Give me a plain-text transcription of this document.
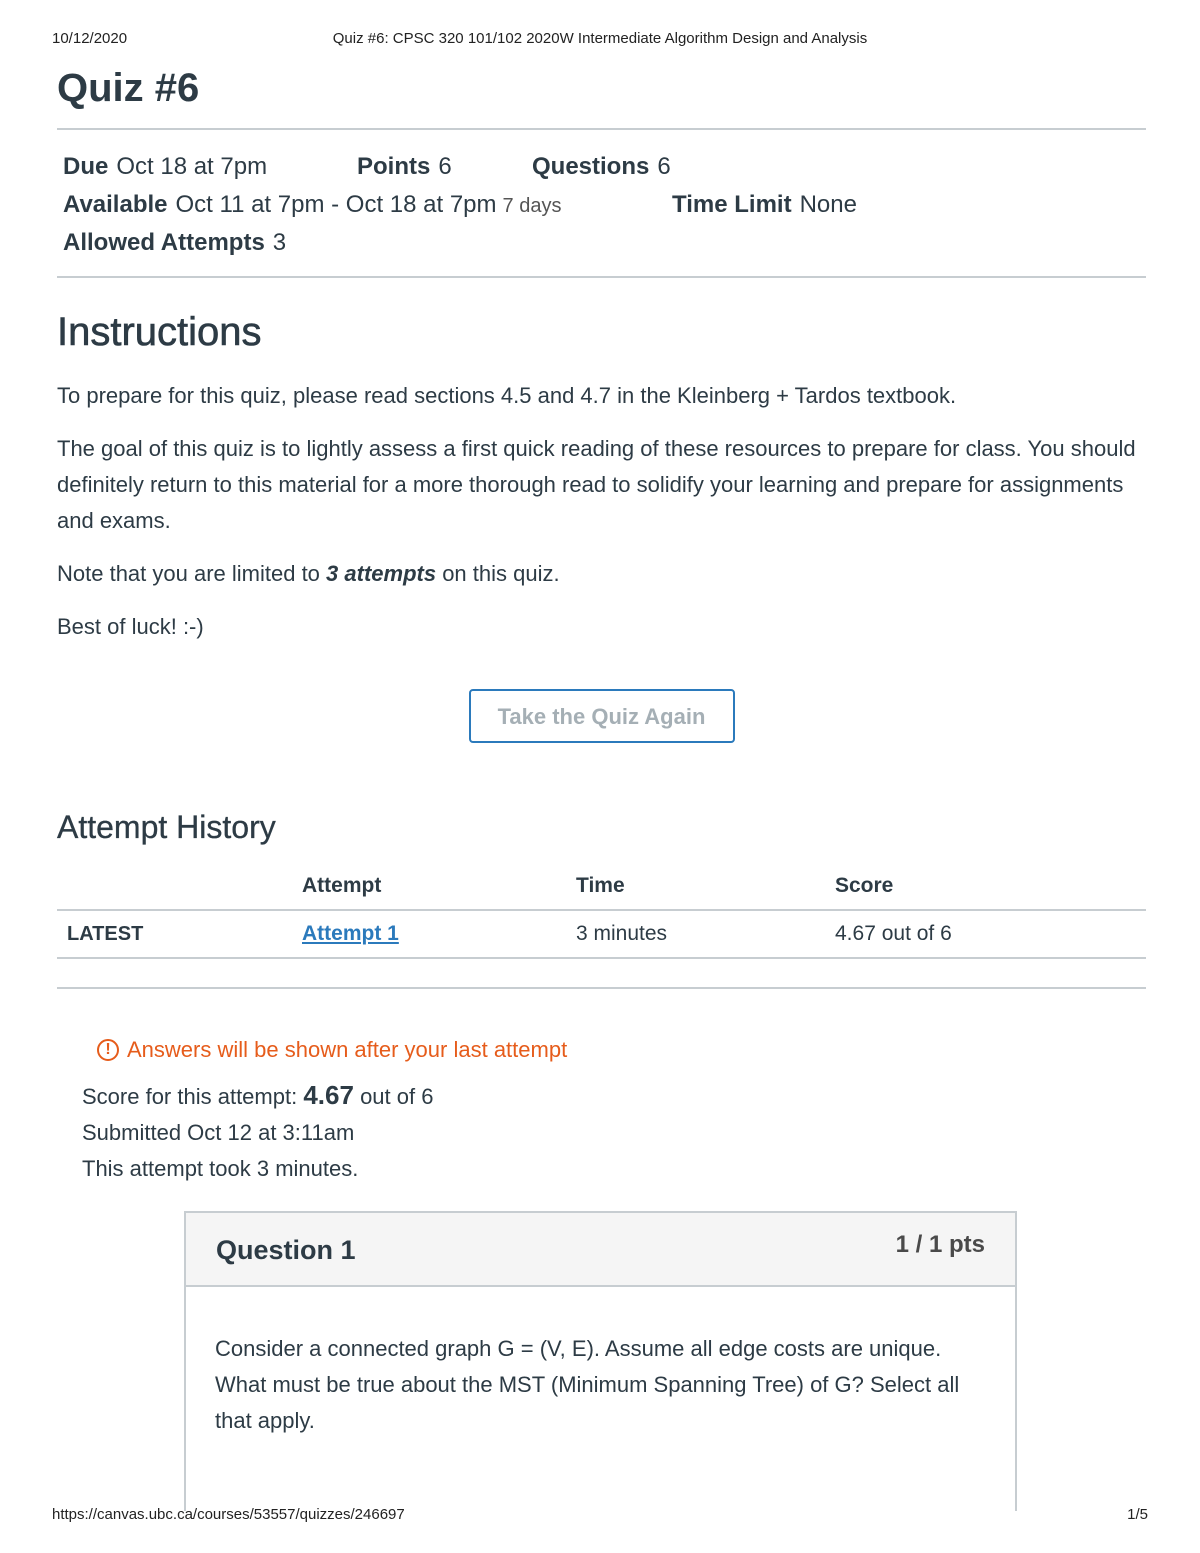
10/12/2020	Quiz #6: CPSC 320 101/102 2020W Intermediate Algorithm Design and Analysis
Quiz #6
Due Oct 18 at 7pm	Points 6	Questions 6
Available Oct 11 at 7pm - Oct 18 at 7pm 7 days	Time Limit None
Allowed Attempts 3
Instructions

To prepare for this quiz, please read sections 4.5 and 4.7 in the Kleinberg + Tardos textbook.

The goal of this quiz is to lightly assess a first quick reading of these resources to prepare for class. You should definitely return to this material for a more thorough read to solidify your learning and prepare for assignments and exams.

Note that you are limited to 3 attempts on this quiz.

Best of luck! :-)

Take the Quiz Again
Attempt History
	Attempt	Time	Score
LATEST	Attempt 1	3 minutes	4.67 out of 6
! Answers will be shown after your last attempt
Score for this attempt: 4.67 out of 6
Submitted Oct 12 at 3:11am
This attempt took 3 minutes.
Question 1	1 / 1 pts
Consider a connected graph G = (V, E). Assume all edge costs are unique. What must be true about the MST (Minimum Spanning Tree) of G? Select all that apply.
https://canvas.ubc.ca/courses/53557/quizzes/246697	1/5
